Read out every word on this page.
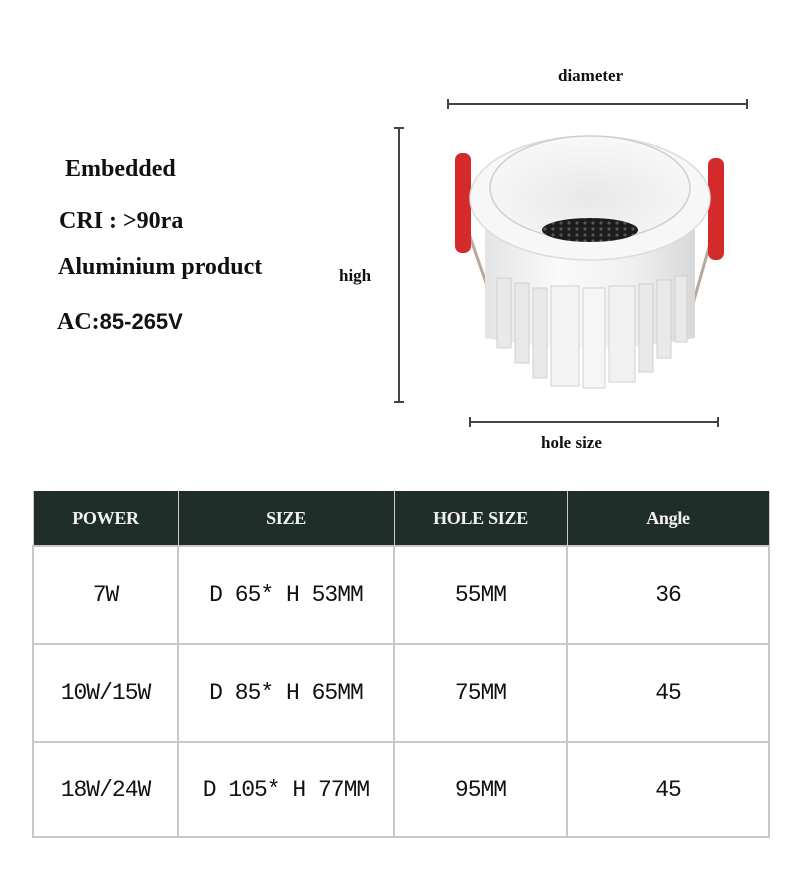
Embedded
CRI : >90ra
Aluminium product
AC:85-265V
diameter
high
hole size
POWER	SIZE	HOLE SIZE	Angle
7W	D 65* H 53MM	55MM	36
10W/15W	D 85* H 65MM	75MM	45
18W/24W	D 105* H 77MM	95MM	45
